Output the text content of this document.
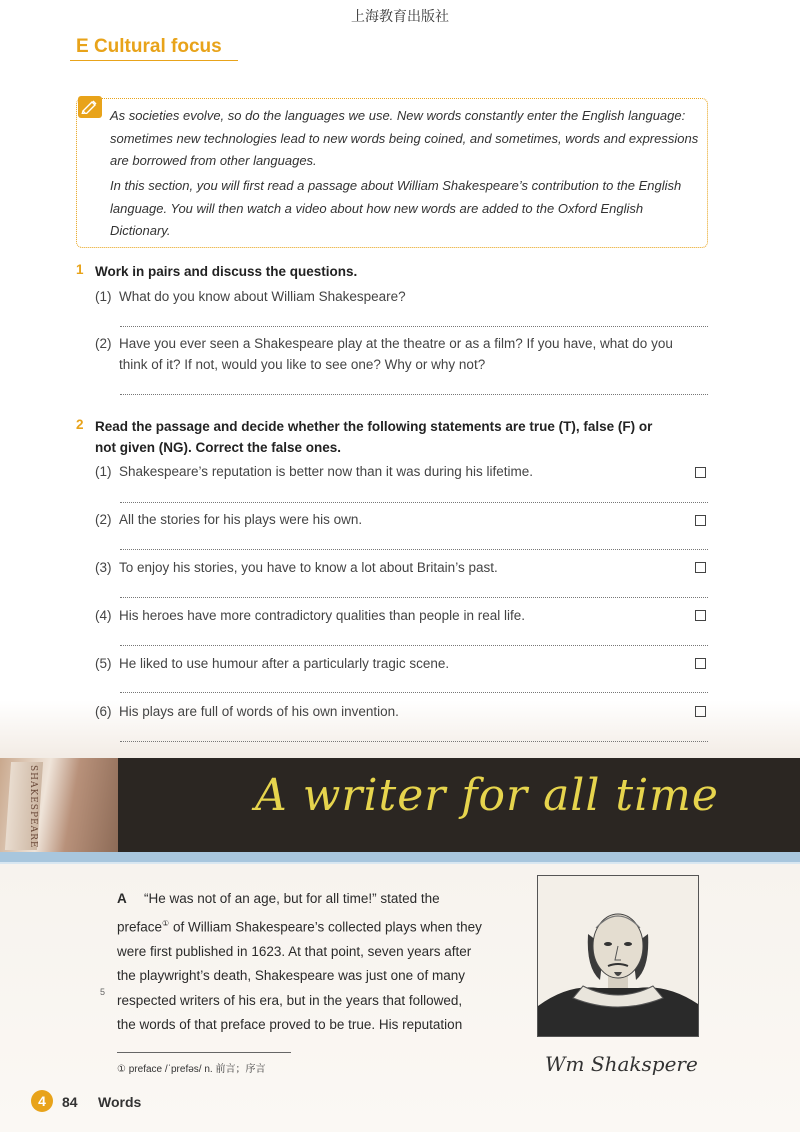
上海教育出版社
E Cultural focus

As societies evolve, so do the languages we use. New words constantly enter the English language: sometimes new technologies lead to new words being coined, and sometimes, words and expressions are borrowed from other languages.

In this section, you will first read a passage about William Shakespeare’s contribution to the English language. You will then watch a video about how new words are added to the Oxford English Dictionary.

1 Work in pairs and discuss the questions.
(1) What do you know about William Shakespeare?
(2) Have you ever seen a Shakespeare play at the theatre or as a film? If you have, what do you
think of it? If not, would you like to see one? Why or why not?
2 Read the passage and decide whether the following statements are true (T), false (F) or
not given (NG). Correct the false ones.
(1) Shakespeare’s reputation is better now than it was during his lifetime.
(2) All the stories for his plays were his own.
(3) To enjoy his stories, you have to know a lot about Britain’s past.
(4) His heroes have more contradictory qualities than people in real life.
(5) He liked to use humour after a particularly tragic scene.
(6) His plays are full of words of his own invention.
SHAKESPEARE	A writer for all time
A “He was not of an age, but for all time!” stated the
preface① of William Shakespeare’s collected plays when they
were first published in 1623. At that point, seven years after
the playwright’s death, Shakespeare was just one of many
respected writers of his era, but in the years that followed,
the words of that preface proved to be true. His reputation
5
Wm Shakspere
① preface /ˈprefəs/ n. 前言；序言
4	84 Words
